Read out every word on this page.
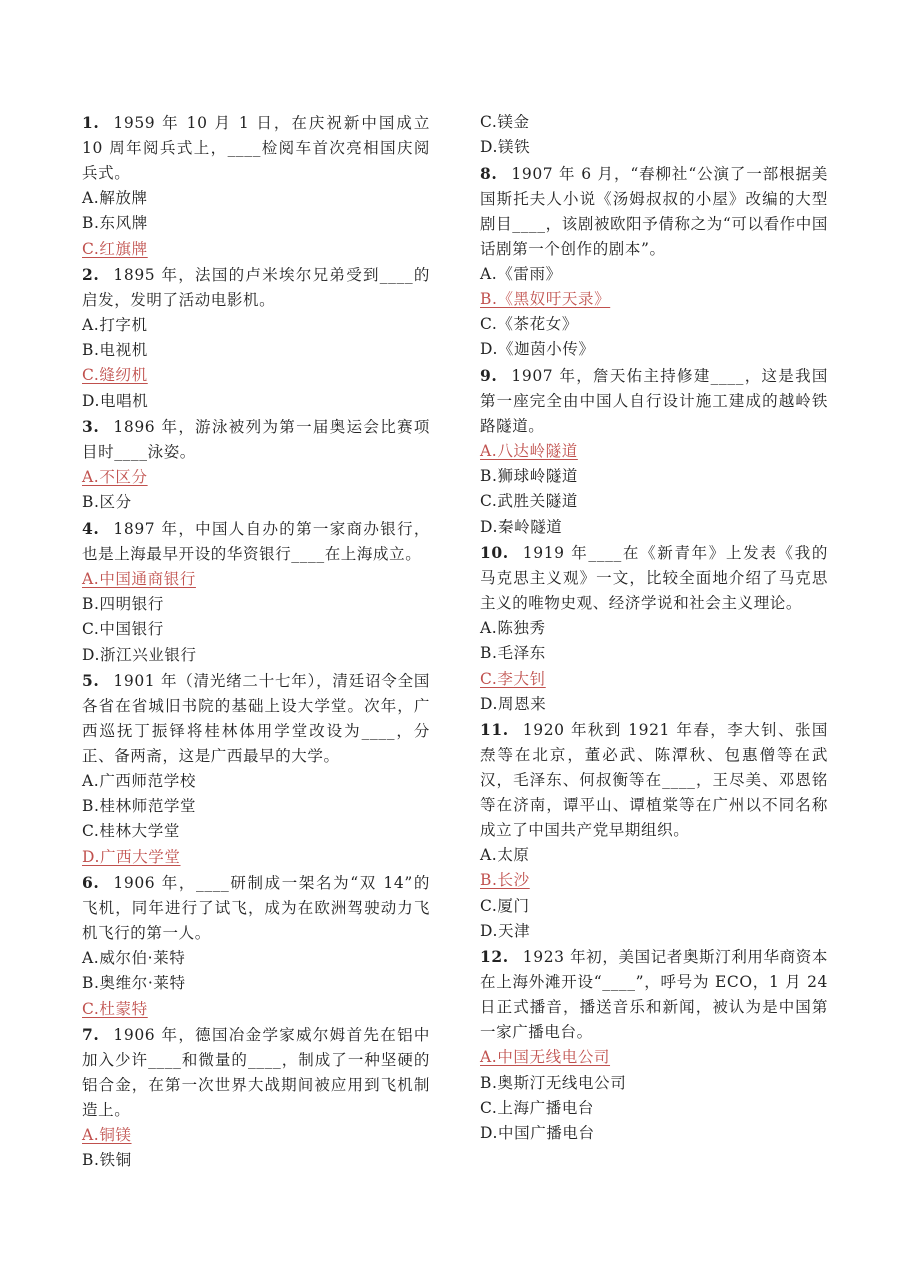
1. 1959 年 10 月 1 日，在庆祝新中国成立 10 周年阅兵式上，____检阅车首次亮相国庆阅兵式。

A.解放牌

B.东风牌

C.红旗牌

2. 1895 年，法国的卢米埃尔兄弟受到____的启发，发明了活动电影机。

A.打字机

B.电视机

C.缝纫机

D.电唱机

3. 1896 年，游泳被列为第一届奥运会比赛项目时____泳姿。

A.不区分

B.区分

4. 1897 年，中国人自办的第一家商办银行，也是上海最早开设的华资银行____在上海成立。

A.中国通商银行

B.四明银行

C.中国银行

D.浙江兴业银行

5. 1901 年（清光绪二十七年），清廷诏令全国各省在省城旧书院的基础上设大学堂。次年，广西巡抚丁振铎将桂林体用学堂改设为____，分正、备两斋，这是广西最早的大学。

A.广西师范学校

B.桂林师范学堂

C.桂林大学堂

D.广西大学堂

6. 1906 年，____研制成一架名为“双 14”的飞机，同年进行了试飞，成为在欧洲驾驶动力飞机飞行的第一人。

A.威尔伯·莱特

B.奥维尔·莱特

C.杜蒙特

7. 1906 年，德国冶金学家威尔姆首先在铝中加入少许____和微量的____，制成了一种坚硬的铝合金，在第一次世界大战期间被应用到飞机制造上。

A.铜镁

B.铁铜

C.镁金

D.镁铁

8. 1907 年 6 月，“春柳社“公演了一部根据美国斯托夫人小说《汤姆叔叔的小屋》改编的大型剧目____，该剧被欧阳予倩称之为“可以看作中国话剧第一个创作的剧本”。

A.《雷雨》

B.《黑奴吁天录》

C.《茶花女》

D.《迦茵小传》

9. 1907 年，詹天佑主持修建____，这是我国第一座完全由中国人自行设计施工建成的越岭铁路隧道。

A.八达岭隧道

B.狮球岭隧道

C.武胜关隧道

D.秦岭隧道

10. 1919 年____在《新青年》上发表《我的马克思主义观》一文，比较全面地介绍了马克思主义的唯物史观、经济学说和社会主义理论。

A.陈独秀

B.毛泽东

C.李大钊

D.周恩来

11. 1920 年秋到 1921 年春，李大钊、张国焘等在北京，董必武、陈潭秋、包惠僧等在武汉，毛泽东、何叔衡等在____，王尽美、邓恩铭等在济南，谭平山、谭植棠等在广州以不同名称成立了中国共产党早期组织。

A.太原

B.长沙

C.厦门

D.天津

12. 1923 年初，美国记者奥斯汀利用华商资本在上海外滩开设“____”，呼号为 ECO，1 月 24 日正式播音，播送音乐和新闻，被认为是中国第一家广播电台。

A.中国无线电公司

B.奥斯汀无线电公司

C.上海广播电台

D.中国广播电台
